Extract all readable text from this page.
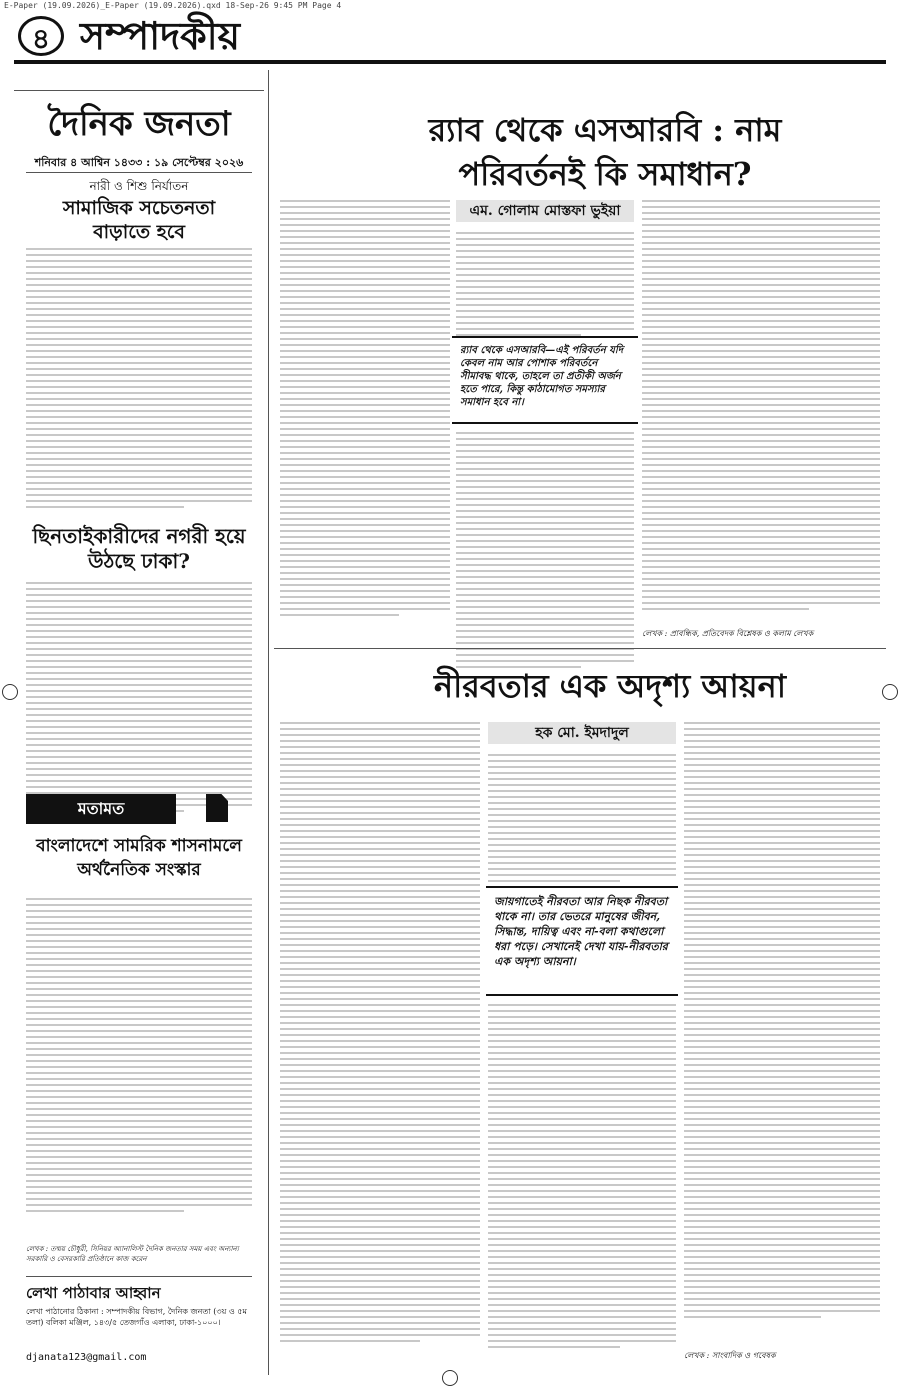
E-Paper (19.09.2026)_E-Paper (19.09.2026).qxd 18-Sep-26 9:45 PM Page 4
৪ সম্পাদকীয়
দৈনিক জনতা
শনিবার ৪ আশ্বিন ১৪৩৩ : ১৯ সেপ্টেম্বর ২০২৬
নারী ও শিশু নির্যাতন
সামাজিক সচেতনতা বাড়াতে হবে
ছিনতাইকারীদের নগরী হয়ে উঠছে ঢাকা?
মতামত
বাংলাদেশে সামরিক শাসনামলে অর্থনৈতিক সংস্কার
লেখক : তন্ময় চৌধুরী, সিনিয়র অ্যানালিস্ট দৈনিক জনতার সময় এবং অন্যান্য সরকারি ও বেসরকারি প্রতিষ্ঠানে কাজ করেন
লেখা পাঠাবার আহ্বান
লেখা পাঠানোর ঠিকানা : সম্পাদকীয় বিভাগ, দৈনিক জনতা (৩য় ও ৫ম তলা) বলিকা মঞ্জিল, ১৪৩/৫ তেজগাঁও এলাকা, ঢাকা-১০০০।
djanata123@gmail.com
র‍্যাব থেকে এসআরবি : নাম পরিবর্তনই কি সমাধান?
এম. গোলাম মোস্তফা ভুইয়া
র‍্যাব থেকে এসআরবি—এই পরিবর্তন যদি কেবল নাম আর পোশাক পরিবর্তনে সীমাবদ্ধ থাকে, তাহলে তা প্রতীকী অর্জন হতে পারে, কিন্তু কাঠামোগত সমস্যার সমাধান হবে না।
লেখক : প্রাবন্ধিক, প্রতিবেদক বিশ্লেষক ও কলাম লেখক
নীরবতার এক অদৃশ্য আয়না
হক মো. ইমদাদুল
জায়গাতেই নীরবতা আর নিছক নীরবতা থাকে না। তার ভেতরে মানুষের জীবন, সিদ্ধান্ত, দায়িত্ব এবং না-বলা কথাগুলো ধরা পড়ে। সেখানেই দেখা যায়-নীরবতার এক অদৃশ্য আয়না।
লেখক : সাংবাদিক ও গবেষক
